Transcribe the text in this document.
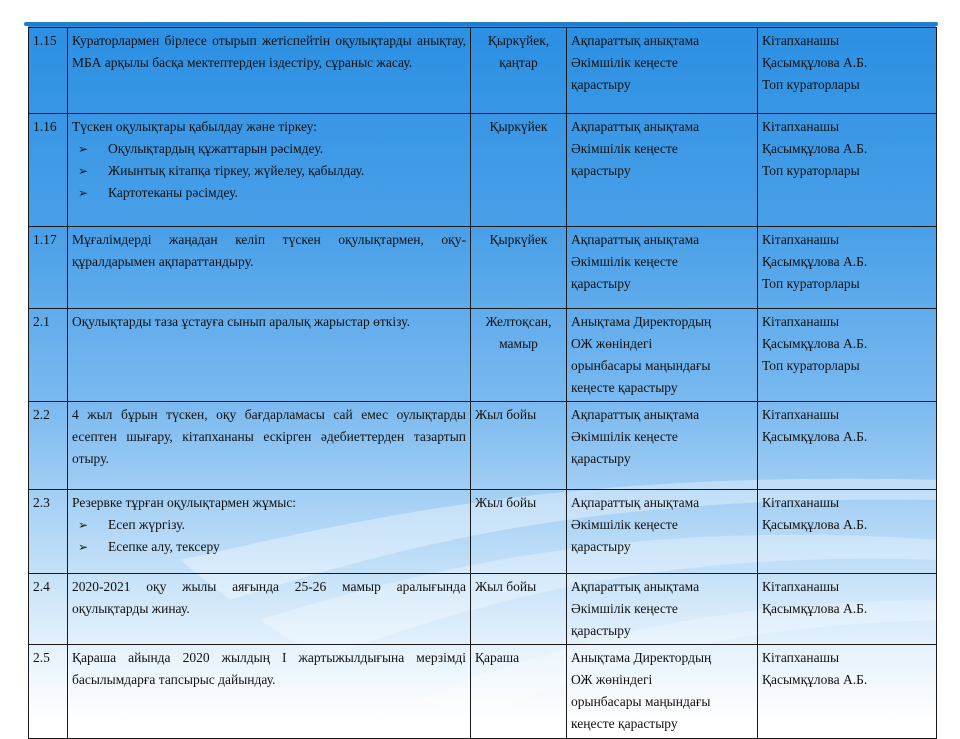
1.15	Кураторлармен бірлесе отырып жетіспейтін оқулықтарды анықтау, МБА арқылы басқа мектептерден іздестіру, сұраныс жасау.	Қыркүйек, қаңтар	Ақпараттық анықтама
Әкімшілік кеңесте
қарастыру	Кітапханашы
Қасымқұлова А.Б.
Топ кураторлары

1.16	Түскен оқулықтары қабылдау және тіркеу:
➢ Оқулықтардың құжаттарын рәсімдеу.
➢ Жиынтық кітапқа тіркеу, жүйелеу, қабылдау.
➢ Картотеканы рәсімдеу.	Қыркүйек	Ақпараттық анықтама
Әкімшілік кеңесте
қарастыру	Кітапханашы
Қасымқұлова А.Б.
Топ кураторлары

1.17	Мұғалімдерді жаңадан келіп түскен оқулықтармен, оқу-құралдарымен ақпараттандыру.	Қыркүйек	Ақпараттық анықтама
Әкімшілік кеңесте
қарастыру	Кітапханашы
Қасымқұлова А.Б.
Топ кураторлары

2.1	Оқулықтарды таза ұстауға сынып аралық жарыстар өткізу.	Желтоқсан, мамыр	Анықтама Директордың
ОЖ жөніндегі
орынбасары маңындағы
кеңесте қарастыру	Кітапханашы
Қасымқұлова А.Б.
Топ кураторлары

2.2	4 жыл бұрын түскен, оқу бағдарламасы сай емес оулықтарды есептен шығару, кітапхананы ескірген әдебиеттерден тазартып отыру.	Жыл бойы	Ақпараттық анықтама
Әкімшілік кеңесте
қарастыру	Кітапханашы
Қасымқұлова А.Б.

2.3	Резервке тұрған оқулықтармен жұмыс:
➢ Есеп жүргізу.
➢ Есепке алу, тексеру	Жыл бойы	Ақпараттық анықтама
Әкімшілік кеңесте
қарастыру	Кітапханашы
Қасымқұлова А.Б.

2.4	2020-2021 оқу жылы аяғында 25-26 мамыр аралығында оқулықтарды жинау.	Жыл бойы	Ақпараттық анықтама
Әкімшілік кеңесте
қарастыру	Кітапханашы
Қасымқұлова А.Б.

2.5	Қараша айында 2020 жылдың І жартыжылдығына мерзімді басылымдарға тапсырыс дайындау.	Қараша	Анықтама Директордың
ОЖ жөніндегі
орынбасары маңындағы
кеңесте қарастыру	Кітапханашы
Қасымқұлова А.Б.
